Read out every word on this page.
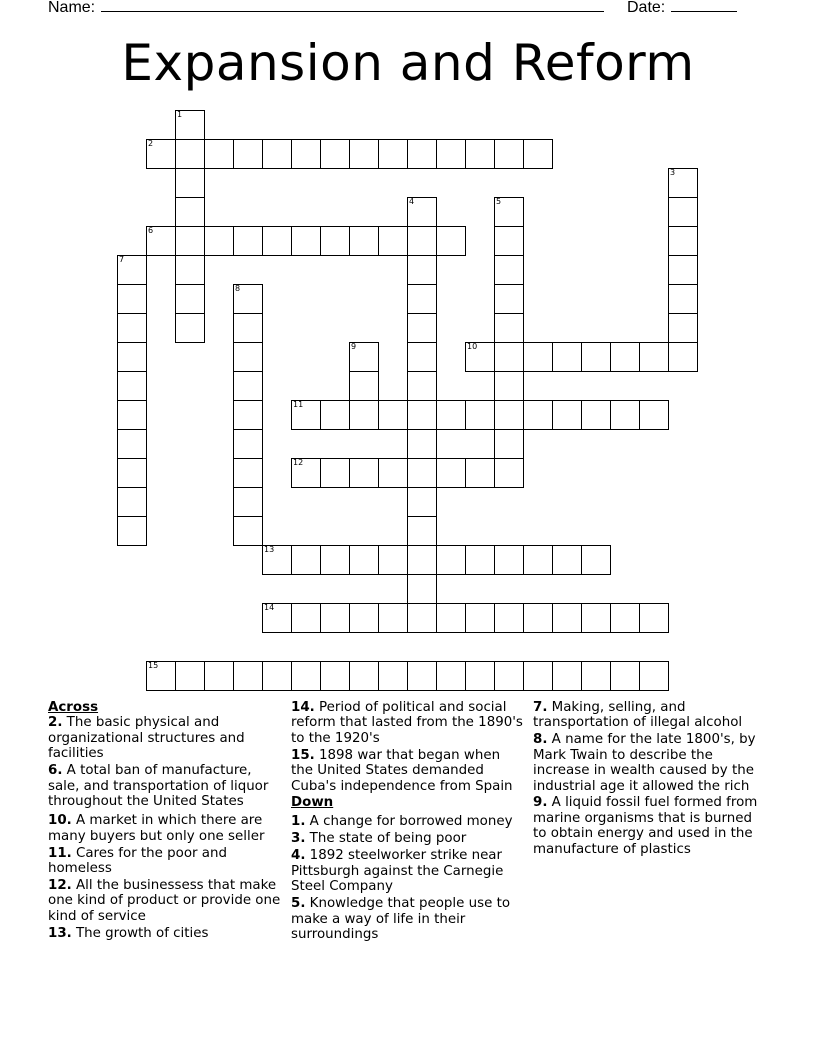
Name:	Date:
Expansion and Reform
1
2
3
4	5
6
7
8
9	10
11
12
13
14
15
Across
2. The basic physical and organizational structures and facilities
6. A total ban of manufacture, sale, and transportation of liquor throughout the United States
10. A market in which there are many buyers but only one seller
11. Cares for the poor and homeless
12. All the businessess that make one kind of product or provide one kind of service
13. The growth of cities
14. Period of political and social reform that lasted from the 1890's to the 1920's
15. 1898 war that began when the United States demanded Cuba's independence from Spain
Down
1. A change for borrowed money
3. The state of being poor
4. 1892 steelworker strike near Pittsburgh against the Carnegie Steel Company
5. Knowledge that people use to make a way of life in their surroundings
7. Making, selling, and transportation of illegal alcohol
8. A name for the late 1800's, by Mark Twain to describe the increase in wealth caused by the industrial age it allowed the rich
9. A liquid fossil fuel formed from marine organisms that is burned to obtain energy and used in the manufacture of plastics
